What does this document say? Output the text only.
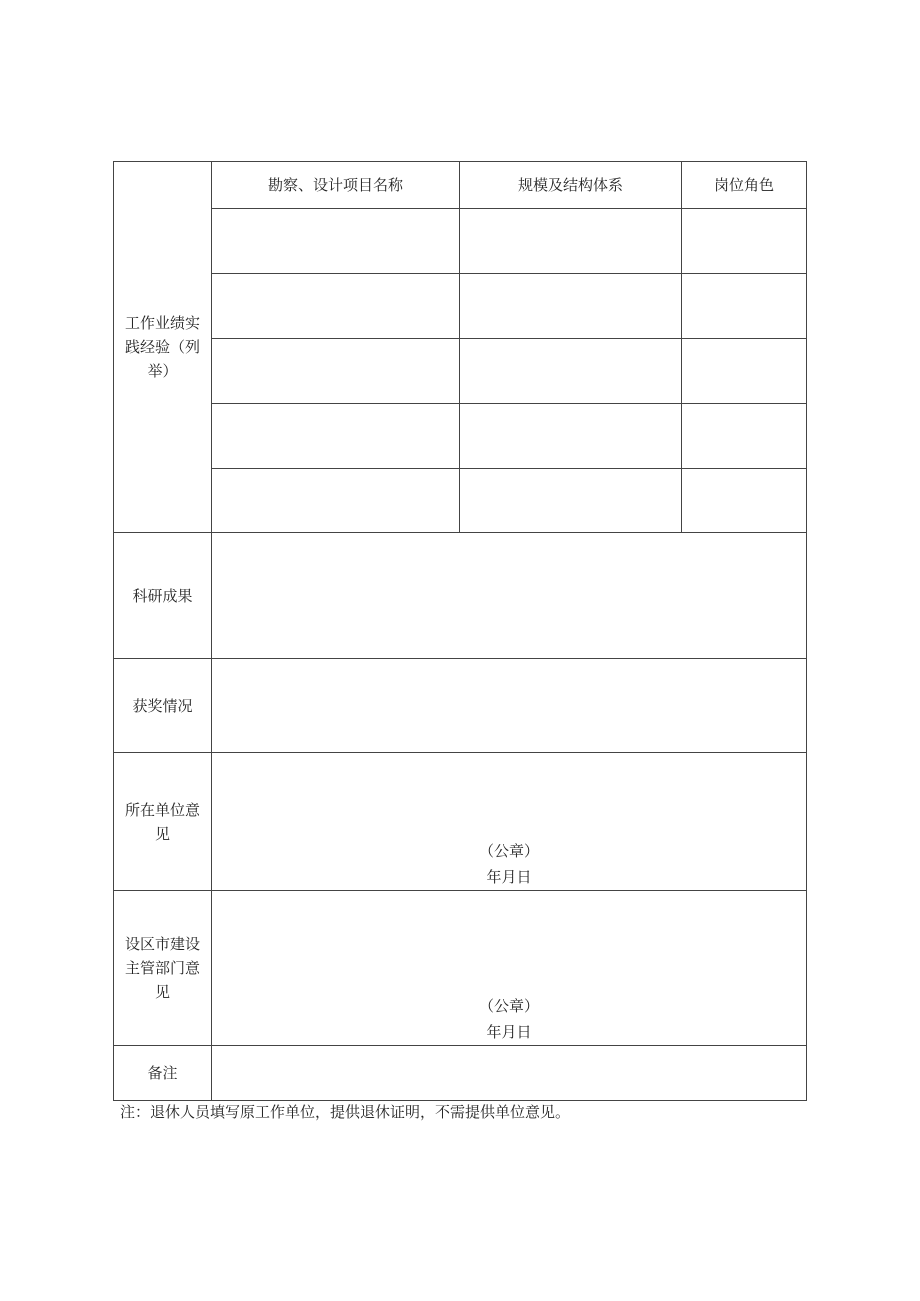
工作业绩实践经验（列举）	勘察、设计项目名称	规模及结构体系	岗位角色

科研成果			
获奖情况			
所在单位意见	（公章）
年月日		

设区市建设主管部门意见	（公章）
年月日		

备注			

注：退休人员填写原工作单位，提供退休证明，不需提供单位意见。
